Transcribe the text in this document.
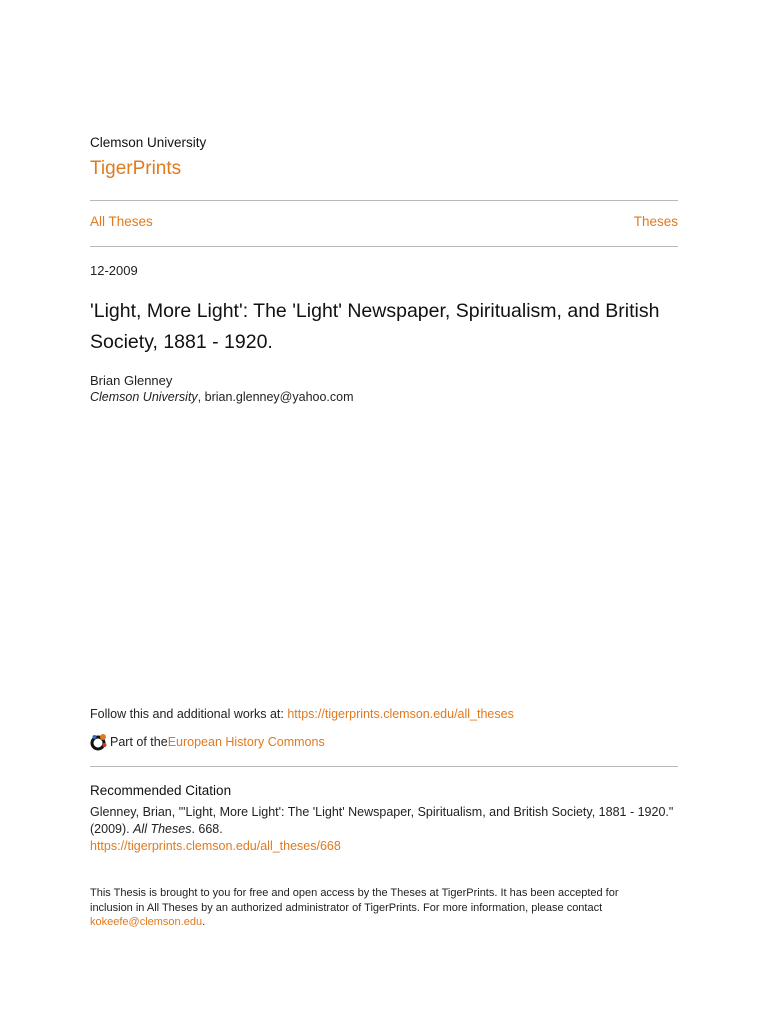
Clemson University
TigerPrints
All Theses	Theses
12-2009
'Light, More Light': The 'Light' Newspaper, Spiritualism, and British Society, 1881 - 1920.
Brian Glenney
Clemson University, brian.glenney@yahoo.com
Follow this and additional works at: https://tigerprints.clemson.edu/all_theses
Part of the European History Commons
Recommended Citation
Glenney, Brian, "'Light, More Light': The 'Light' Newspaper, Spiritualism, and British Society, 1881 - 1920." (2009). All Theses. 668.
https://tigerprints.clemson.edu/all_theses/668
This Thesis is brought to you for free and open access by the Theses at TigerPrints. It has been accepted for inclusion in All Theses by an authorized administrator of TigerPrints. For more information, please contact kokeefe@clemson.edu.
